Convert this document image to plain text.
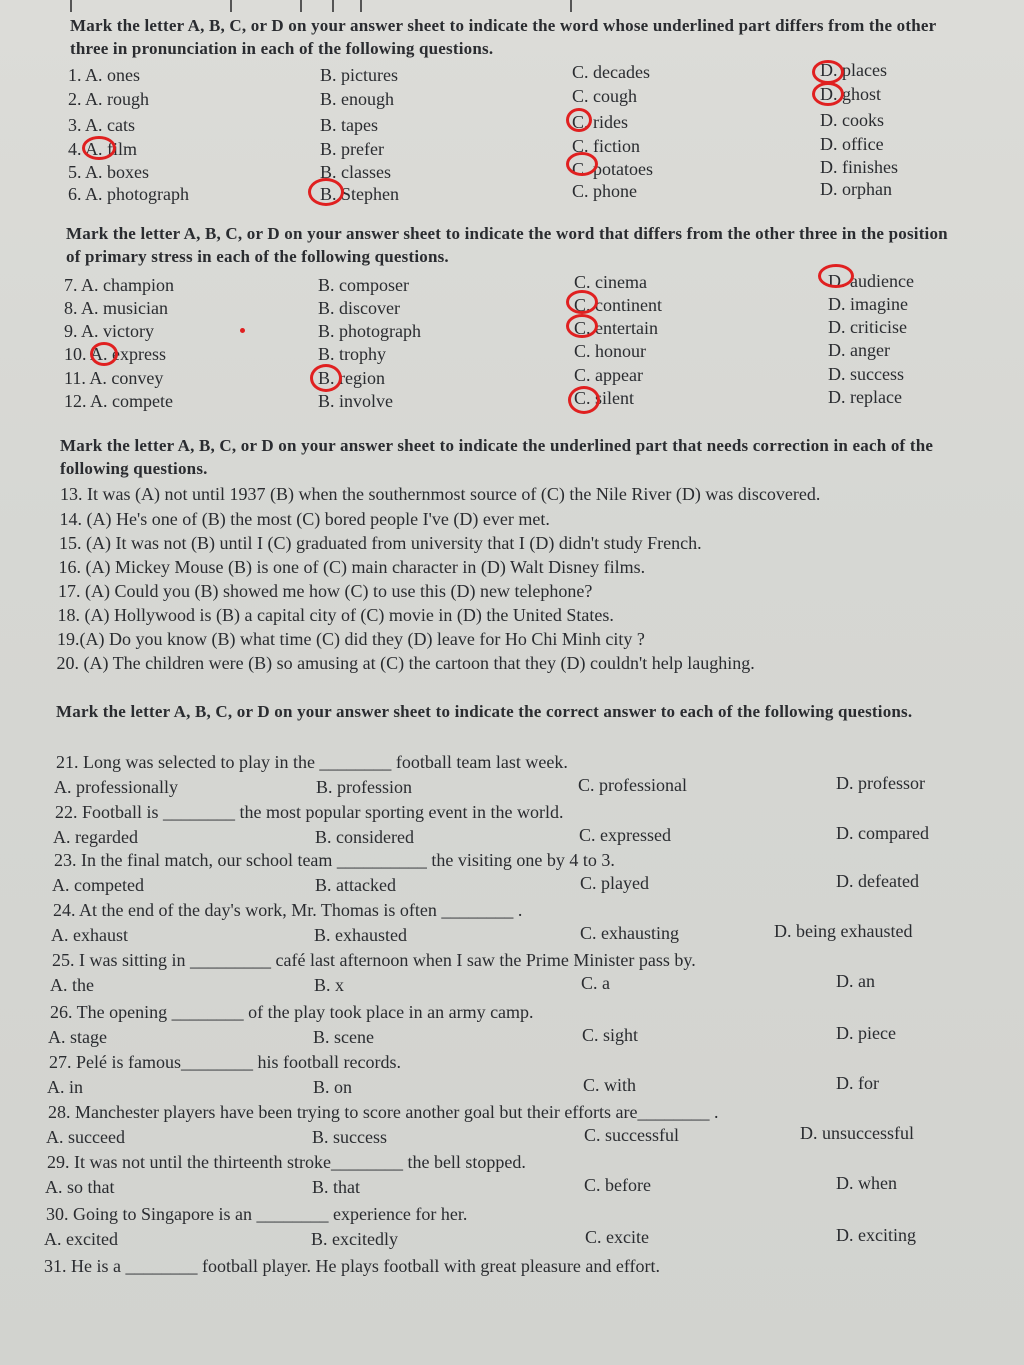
Mark the letter A, B, C, or D on your answer sheet to indicate the word whose underlined part differs from the other three in pronunciation in each of the following questions.
1. A. ones	B. pictures	C. decades	D. places
2. A. rough	B. enough	C. cough	D. ghost
3. A. cats	B. tapes	C. rides	D. cooks
4. A. film	B. prefer	C. fiction	D. office
5. A. boxes	B. classes	C. potatoes	D. finishes
6. A. photograph	B. Stephen	C. phone	D. orphan
Mark the letter A, B, C, or D on your answer sheet to indicate the word that differs from the other three in the position of primary stress in each of the following questions.
7. A. champion	B. composer	C. cinema	D. audience
8. A. musician	B. discover	C. continent	D. imagine
9. A. victory	B. photograph	C. entertain	D. criticise
10. A. express	B. trophy	C. honour	D. anger
11. A. convey	B. region	C. appear	D. success
12. A. compete	B. involve	C. silent	D. replace
Mark the letter A, B, C, or D on your answer sheet to indicate the underlined part that needs correction in each of the following questions.
13. It was (A) not until 1937 (B) when the southernmost source of (C) the Nile River (D) was discovered.
14. (A) He's one of (B) the most (C) bored people I've (D) ever met.
15. (A) It was not (B) until I (C) graduated from university that I (D) didn't study French.
16. (A) Mickey Mouse (B) is one of (C) main character in (D) Walt Disney films.
17. (A) Could you (B) showed me how (C) to use this (D) new telephone?
18. (A) Hollywood is (B) a capital city of (C) movie in (D) the United States.
19.(A) Do you know (B) what time (C) did they (D) leave for Ho Chi Minh city ?
20. (A) The children were (B) so amusing at (C) the cartoon that they (D) couldn't help laughing.
Mark the letter A, B, C, or D on your answer sheet to indicate the correct answer to each of the following questions.
21. Long was selected to play in the ________ football team last week.
A. professionally	B. profession	C. professional	D. professor
22. Football is ________ the most popular sporting event in the world.
A. regarded	B. considered	C. expressed	D. compared
23. In the final match, our school team __________ the visiting one by 4 to 3.
A. competed	B. attacked	C. played	D. defeated
24. At the end of the day's work, Mr. Thomas is often ________ .
A. exhaust	B. exhausted	C. exhausting	D. being exhausted
25. I was sitting in _________ café last afternoon when I saw the Prime Minister pass by.
A. the	B. x	C. a	D. an
26. The opening ________ of the play took place in an army camp.
A. stage	B. scene	C. sight	D. piece
27. Pelé is famous________ his football records.
A. in	B. on	C. with	D. for
28. Manchester players have been trying to score another goal but their efforts are________ .
A. succeed	B. success	C. successful	D. unsuccessful
29. It was not until the thirteenth stroke________ the bell stopped.
A. so that	B. that	C. before	D. when
30. Going to Singapore is an ________ experience for her.
A. excited	B. excitedly	C. excite	D. exciting
31. He is a ________ football player. He plays football with great pleasure and effort.
